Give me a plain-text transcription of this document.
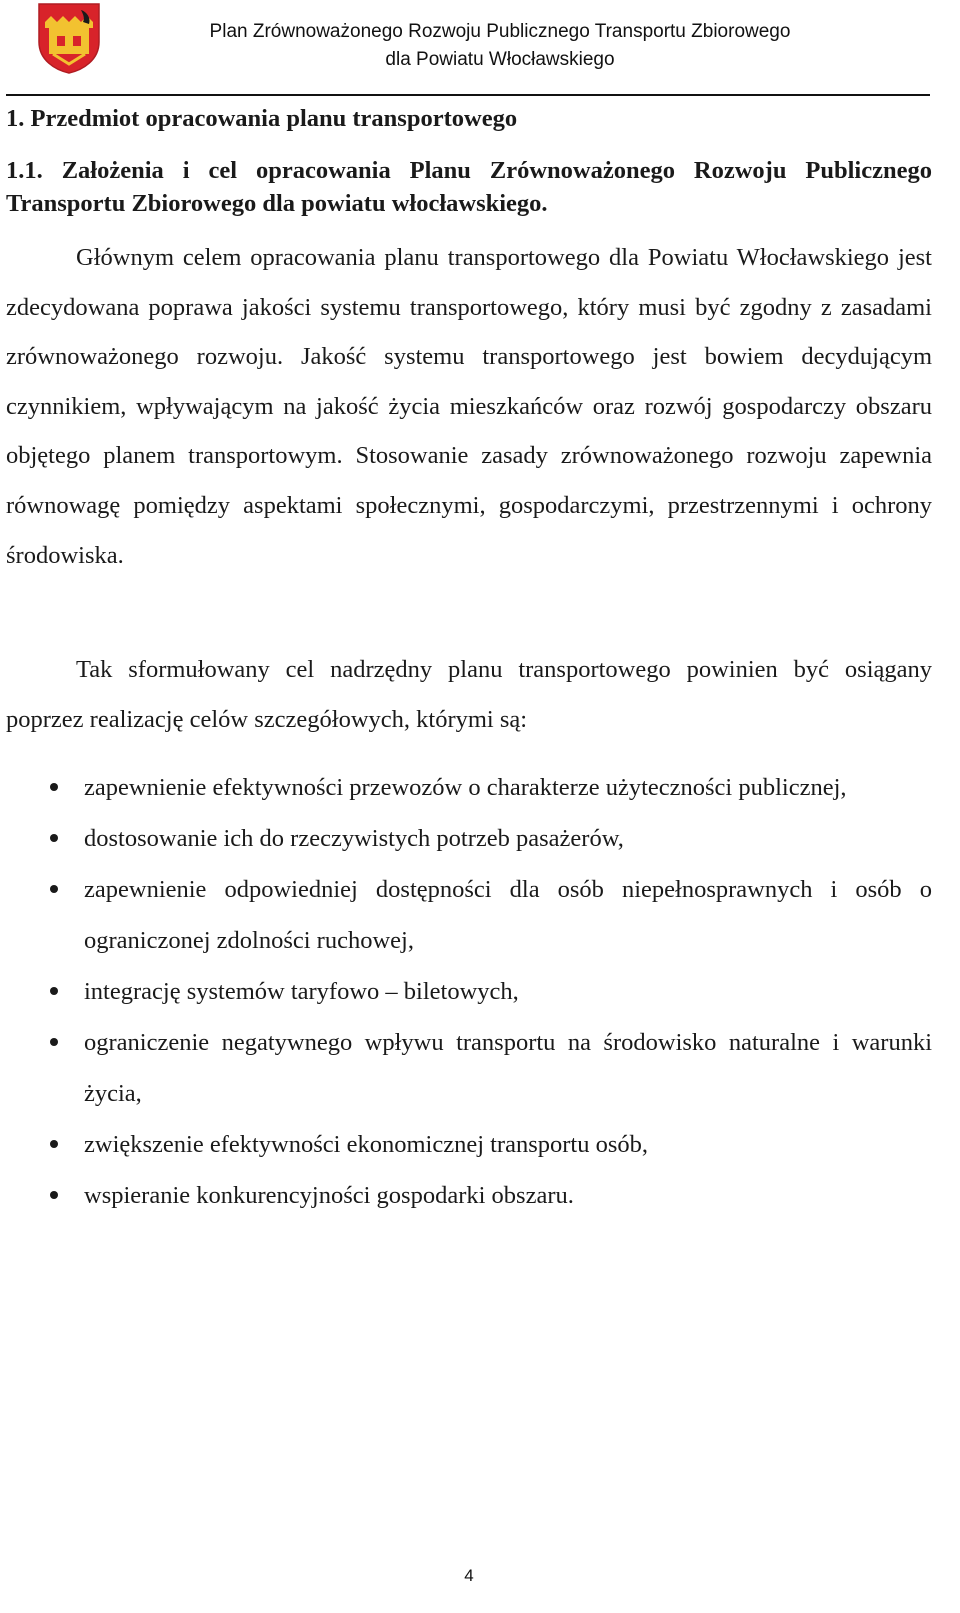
Plan Zrównoważonego Rozwoju Publicznego Transportu Zbiorowego
dla Powiatu Włocławskiego
1. Przedmiot opracowania planu transportowego
1.1. Założenia i cel opracowania Planu Zrównoważonego Rozwoju Publicznego Transportu Zbiorowego dla powiatu włocławskiego.

Głównym celem opracowania planu transportowego dla Powiatu Włocławskiego jest zdecydowana poprawa jakości systemu transportowego, który musi być zgodny z zasadami zrównoważonego rozwoju. Jakość systemu transportowego jest bowiem decydującym czynnikiem, wpływającym na jakość życia mieszkańców oraz rozwój gospodarczy obszaru objętego planem transportowym. Stosowanie zasady zrównoważonego rozwoju zapewnia równowagę pomiędzy aspektami społecznymi, gospodarczymi, przestrzennymi i ochrony środowiska.

Tak sformułowany cel nadrzędny planu transportowego powinien być osiągany poprzez realizację celów szczegółowych, którymi są:

zapewnienie efektywności przewozów o charakterze użyteczności publicznej,
dostosowanie ich do rzeczywistych potrzeb pasażerów,
zapewnienie odpowiedniej dostępności dla osób niepełnosprawnych i osób o ograniczonej zdolności ruchowej,
integrację systemów taryfowo – biletowych,
ograniczenie negatywnego wpływu transportu na środowisko naturalne i warunki życia,
zwiększenie efektywności ekonomicznej transportu osób,
wspieranie konkurencyjności gospodarki obszaru.
4
